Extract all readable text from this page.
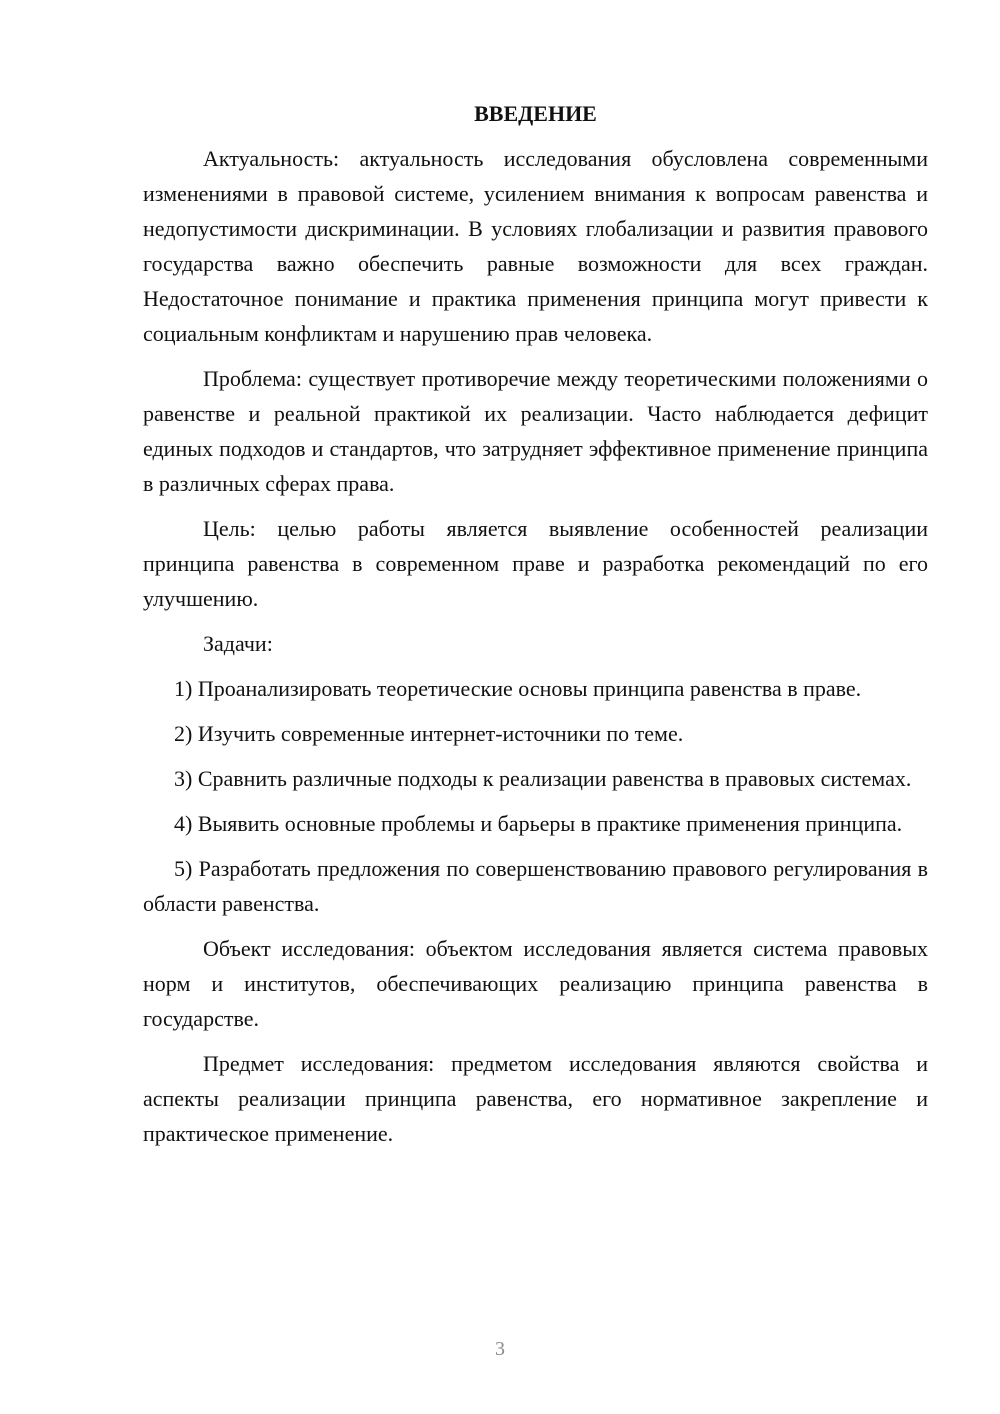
ВВЕДЕНИЕ

Актуальность: актуальность исследования обусловлена современными изменениями в правовой системе, усилением внимания к вопросам равенства и недопустимости дискриминации. В условиях глобализации и развития правового государства важно обеспечить равные возможности для всех граждан. Недостаточное понимание и практика применения принципа могут привести к социальным конфликтам и нарушению прав человека.

Проблема: существует противоречие между теоретическими положениями о равенстве и реальной практикой их реализации. Часто наблюдается дефицит единых подходов и стандартов, что затрудняет эффективное применение принципа в различных сферах права.

Цель: целью работы является выявление особенностей реализации принципа равенства в современном праве и разработка рекомендаций по его улучшению.

Задачи:

1) Проанализировать теоретические основы принципа равенства в праве.

2) Изучить современные интернет-источники по теме.

3) Сравнить различные подходы к реализации равенства в правовых системах.

4) Выявить основные проблемы и барьеры в практике применения принципа.

5) Разработать предложения по совершенствованию правового регулирования в области равенства.

Объект исследования: объектом исследования является система правовых норм и институтов, обеспечивающих реализацию принципа равенства в государстве.

Предмет исследования: предметом исследования являются свойства и аспекты реализации принципа равенства, его нормативное закрепление и практическое применение.

3
